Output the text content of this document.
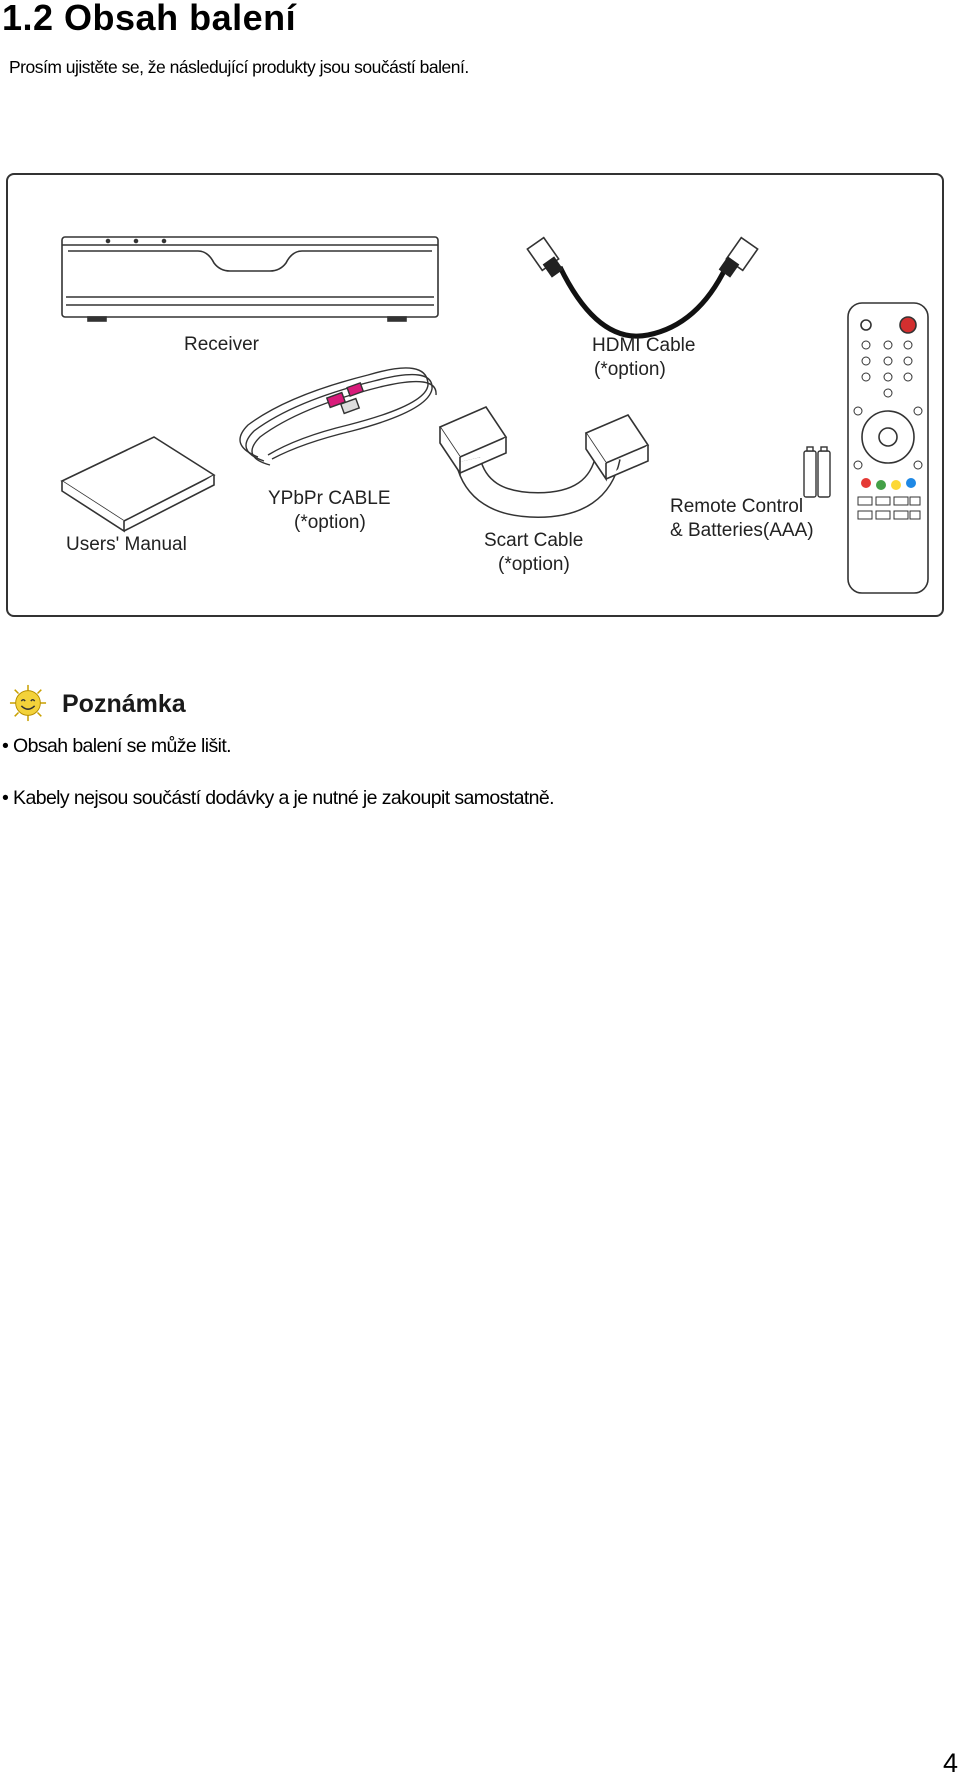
1.2 Obsah balení

Prosím ujistěte se, že následující produkty jsou součástí balení.

Receiver	HDMI Cable
(*option)
Users' Manual
YPbPr CABLE
(*option)
Scart Cable
(*option)
Remote Control
& Batteries(AAA)
Poznámka

• Obsah balení se může lišit.

• Kabely nejsou součástí dodávky a je nutné je zakoupit samostatně.

4
